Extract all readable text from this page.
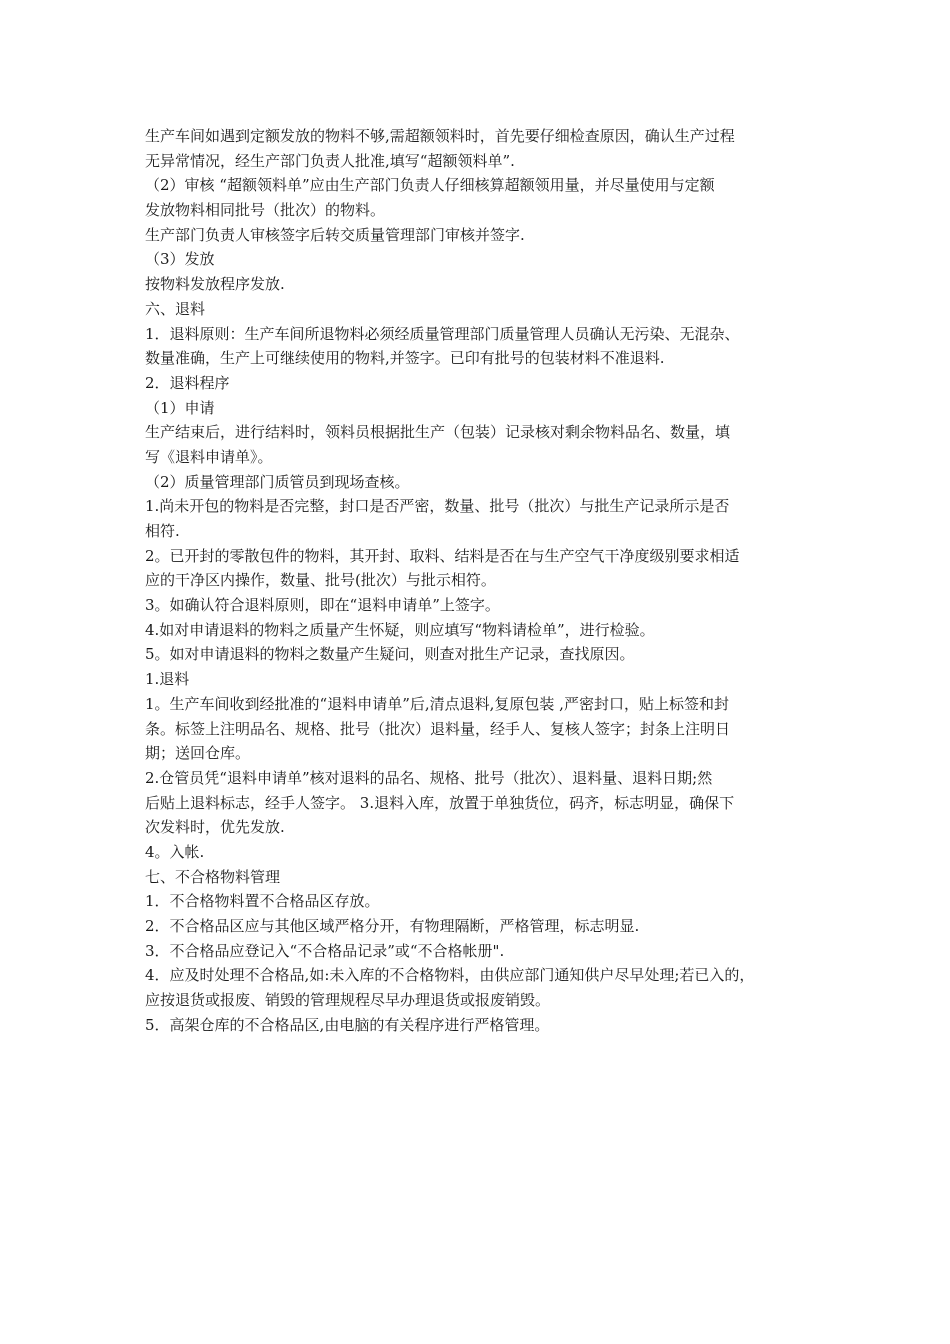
生产车间如遇到定额发放的物料不够,需超额领料时，首先要仔细检查原因，确认生产过程
无异常情况，经生产部门负责人批准,填写“超额领料单”.
（2）审核 “超额领料单”应由生产部门负责人仔细核算超额领用量，并尽量使用与定额
发放物料相同批号（批次）的物料。
生产部门负责人审核签字后转交质量管理部门审核并签字.
（3）发放
按物料发放程序发放.
六、退料
1．退料原则：生产车间所退物料必须经质量管理部门质量管理人员确认无污染、无混杂、
数量准确，生产上可继续使用的物料,并签字。已印有批号的包装材料不准退料.
2．退料程序
（1）申请
生产结束后，进行结料时，领料员根据批生产（包装）记录核对剩余物料品名、数量，填
写《退料申请单》。
（2）质量管理部门质管员到现场查核。
1.尚未开包的物料是否完整，封口是否严密，数量、批号（批次）与批生产记录所示是否
相符.
2。已开封的零散包件的物料，其开封、取料、结料是否在与生产空气干净度级别要求相适
应的干净区内操作，数量、批号(批次）与批示相符。
3。如确认符合退料原则，即在“退料申请单”上签字。
4.如对申请退料的物料之质量产生怀疑，则应填写“物料请检单”，进行检验。
5。如对申请退料的物料之数量产生疑问，则查对批生产记录，查找原因。
1.退料
1。生产车间收到经批准的“退料申请单”后,清点退料,复原包装 ,严密封口，贴上标签和封
条。标签上注明品名、规格、批号（批次）退料量，经手人、复核人签字；封条上注明日
期；送回仓库。
2.仓管员凭“退料申请单”核对退料的品名、规格、批号（批次）、退料量、退料日期;然
后贴上退料标志，经手人签字。 3.退料入库，放置于单独货位，码齐，标志明显，确保下
次发料时，优先发放.
4。入帐.
七、不合格物料管理
1．不合格物料置不合格品区存放。
2．不合格品区应与其他区域严格分开，有物理隔断，严格管理，标志明显.
3．不合格品应登记入“不合格品记录”或“不合格帐册".
4．应及时处理不合格品,如:未入库的不合格物料，由供应部门通知供户尽早处理;若已入的，
应按退货或报废、销毁的管理规程尽早办理退货或报废销毁。
5．高架仓库的不合格品区,由电脑的有关程序进行严格管理。
